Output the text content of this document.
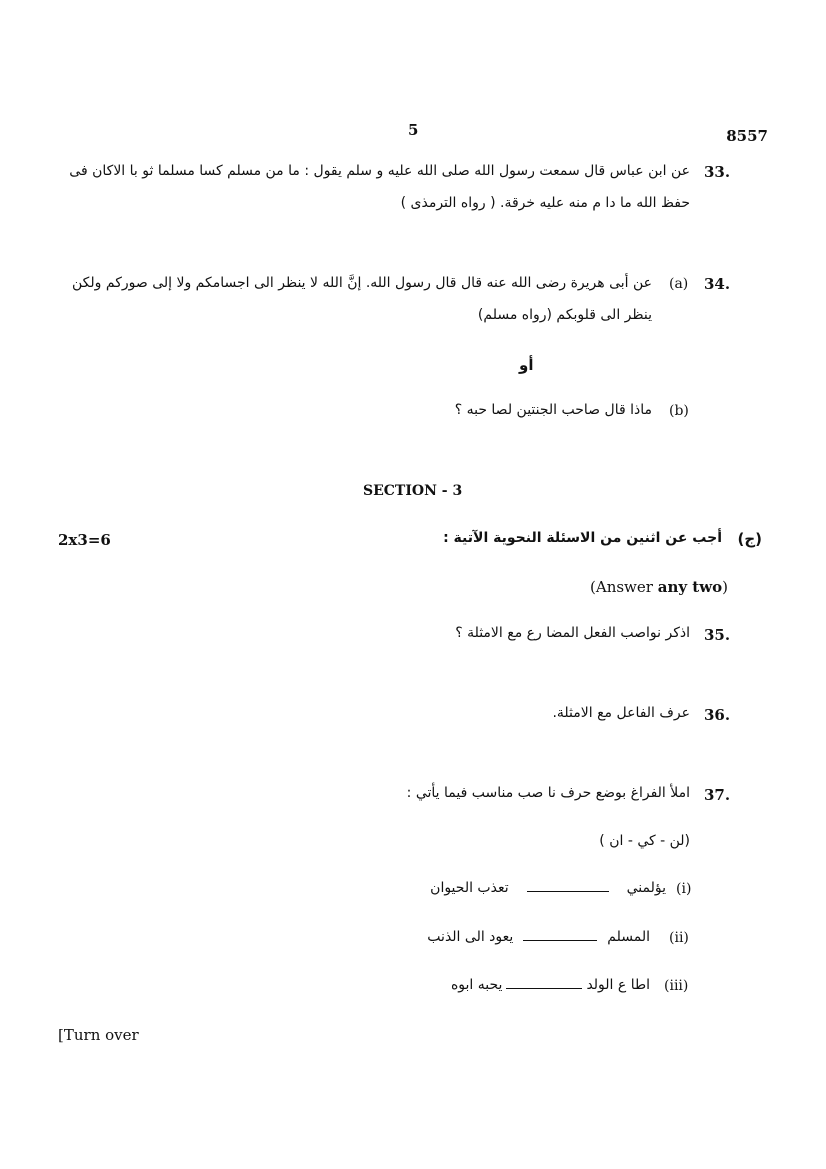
5	8557
33.
عن ابن عباس قال سمعت رسول الله صلى الله عليه و سلم يقول : ما من مسلم كسا مسلما ثو با الاكان فى
حفظ الله ما دا م منه عليه خرقة. ( رواه الترمذى )
34.
(a)
عن أبى هريرة رضى الله عنه قال قال رسول الله. إنَّ الله لا ينظر الى اجسامكم ولا إلى صوركم ولكن
ينظر الى قلوبكم (رواه مسلم)
أو
(b)
ماذا قال صاحب الجنتين لصا حبه ؟
SECTION - 3
2x3=6	(ج)
أجب عن اثنين من الاسئلة النحوية الآتية :
(Answer any two)
35.
اذكر نواصب الفعل المضا رع مع الامثلة ؟
36.
عرف الفاعل مع الامثلة.
37.
املأ الفراغ بوضع حرف نا صب مناسب فيما يأتي :
(لن - كي - ان )
(i)
يؤلمنيتعذب الحيوان
(ii)
المسلميعود الى الذنب
(iii)
اطا ع الولديحبه ابوه
[Turn over
